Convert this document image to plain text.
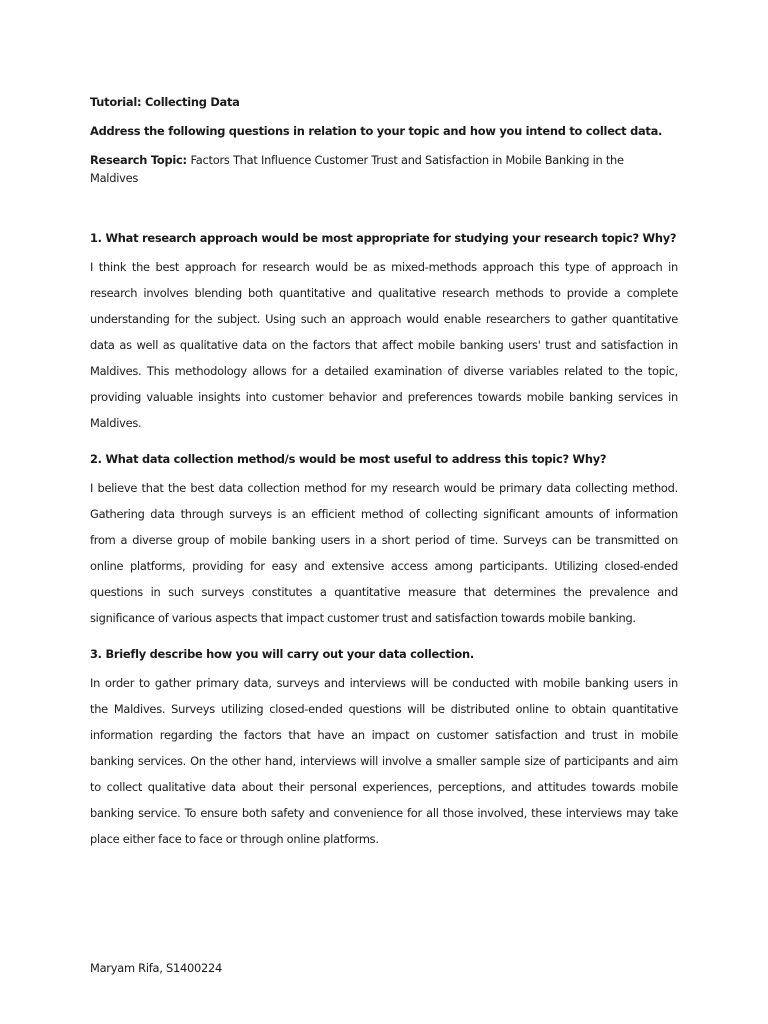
Tutorial: Collecting Data
Address the following questions in relation to your topic and how you intend to collect data.
Research Topic: Factors That Influence Customer Trust and Satisfaction in Mobile Banking in the
Maldives
1. What research approach would be most appropriate for studying your research topic? Why?
I think the best approach for research would be as mixed-methods approach this type of approach in
research involves blending both quantitative and qualitative research methods to provide a complete
understanding for the subject. Using such an approach would enable researchers to gather quantitative
data as well as qualitative data on the factors that affect mobile banking users' trust and satisfaction in
Maldives. This methodology allows for a detailed examination of diverse variables related to the topic,
providing valuable insights into customer behavior and preferences towards mobile banking services in
Maldives.
2. What data collection method/s would be most useful to address this topic? Why?
I believe that the best data collection method for my research would be primary data collecting method.
Gathering data through surveys is an efficient method of collecting significant amounts of information
from a diverse group of mobile banking users in a short period of time. Surveys can be transmitted on
online platforms, providing for easy and extensive access among participants. Utilizing closed-ended
questions in such surveys constitutes a quantitative measure that determines the prevalence and
significance of various aspects that impact customer trust and satisfaction towards mobile banking.
3. Briefly describe how you will carry out your data collection.
In order to gather primary data, surveys and interviews will be conducted with mobile banking users in
the Maldives. Surveys utilizing closed-ended questions will be distributed online to obtain quantitative
information regarding the factors that have an impact on customer satisfaction and trust in mobile
banking services. On the other hand, interviews will involve a smaller sample size of participants and aim
to collect qualitative data about their personal experiences, perceptions, and attitudes towards mobile
banking service. To ensure both safety and convenience for all those involved, these interviews may take
place either face to face or through online platforms.
Maryam Rifa, S1400224
